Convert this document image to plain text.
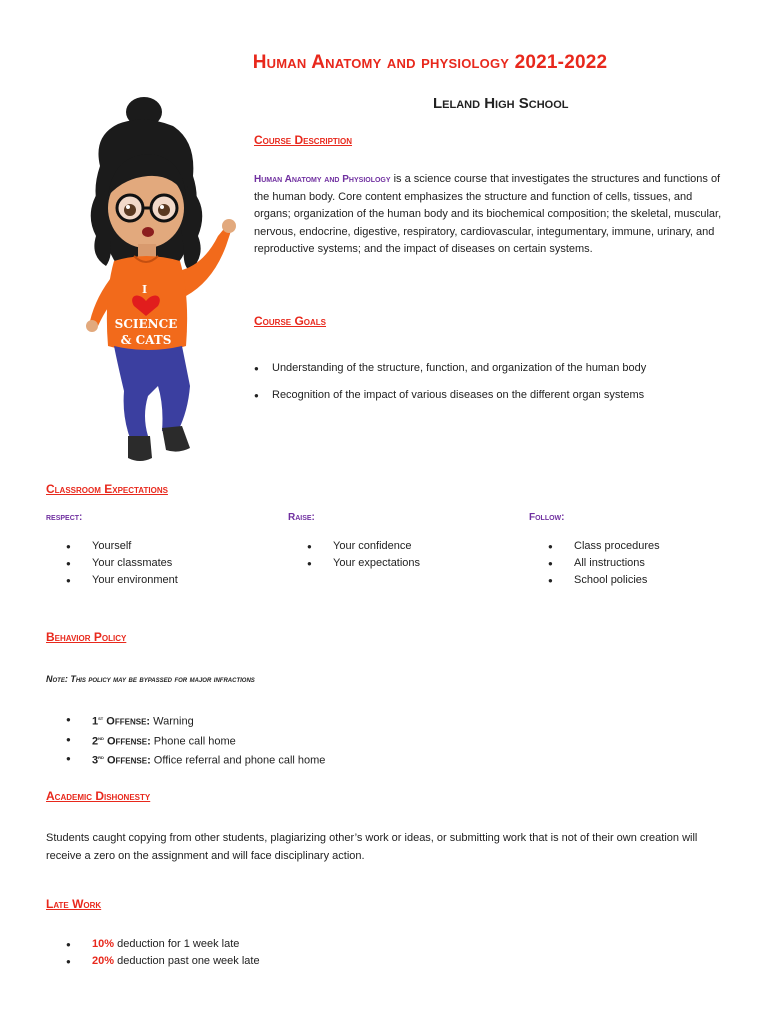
Human Anatomy and physiology 2021-2022
Leland High School
I
SCIENCE
& CATS
Course Description
Human Anatomy and Physiology is a science course that investigates the structures and functions of the human body. Core content emphasizes the structure and function of cells, tissues, and organs; organization of the human body and its biochemical composition; the skeletal, muscular, nervous, endocrine, digestive, respiratory, cardiovascular, integumentary, immune, urinary, and reproductive systems; and the impact of diseases on certain systems.
Course Goals
● Understanding of the structure, function, and organization of the human body
● Recognition of the impact of various diseases on the different organ systems
Classroom Expectations
respect:
● Yourself
● Your classmates
● Your environment
Raise:
● Your confidence
● Your expectations
Follow:
● Class procedures
● All instructions
● School policies
Behavior Policy
Note: This policy may be bypassed for major infractions
● 1st Offense: Warning
● 2nd Offense: Phone call home
● 3rd Offense: Office referral and phone call home
Academic Dishonesty
Students caught copying from other students, plagiarizing other’s work or ideas, or submitting work that is not of their own creation will receive a zero on the assignment and will face disciplinary action.
Late Work
● 10% deduction for 1 week late
● 20% deduction past one week late
